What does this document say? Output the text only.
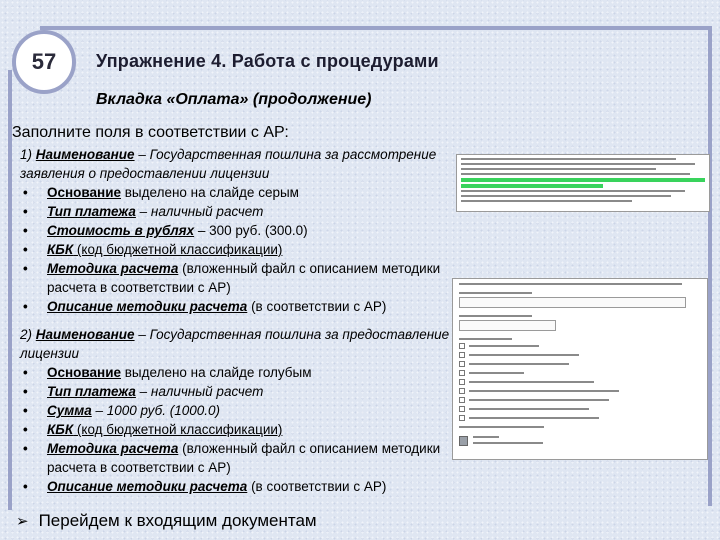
57 Упражнение 4. Работа с процедурами
Вкладка «Оплата» (продолжение)
Заполните поля в соответствии с АР:
1) Наименование – Государственная пошлина за рассмотрение заявления о предоставлении лицензии
• Основание выделено на слайде серым
• Тип платежа – наличный расчет
• Стоимость в рублях – 300 руб. (300.0)
• КБК (код бюджетной классификации)
• Методика расчета (вложенный файл с описанием методики расчета в соответствии с АР)
• Описание методики расчета (в соответствии с АР)
2) Наименование – Государственная пошлина за предоставление лицензии
• Основание выделено на слайде голубым
• Тип платежа – наличный расчет
• Сумма – 1000 руб. (1000.0)
• КБК (код бюджетной классификации)
• Методика расчета (вложенный файл с описанием методики расчета в соответствии с АР)
• Описание методики расчета (в соответствии с АР)
➢ Перейдем к входящим документам
